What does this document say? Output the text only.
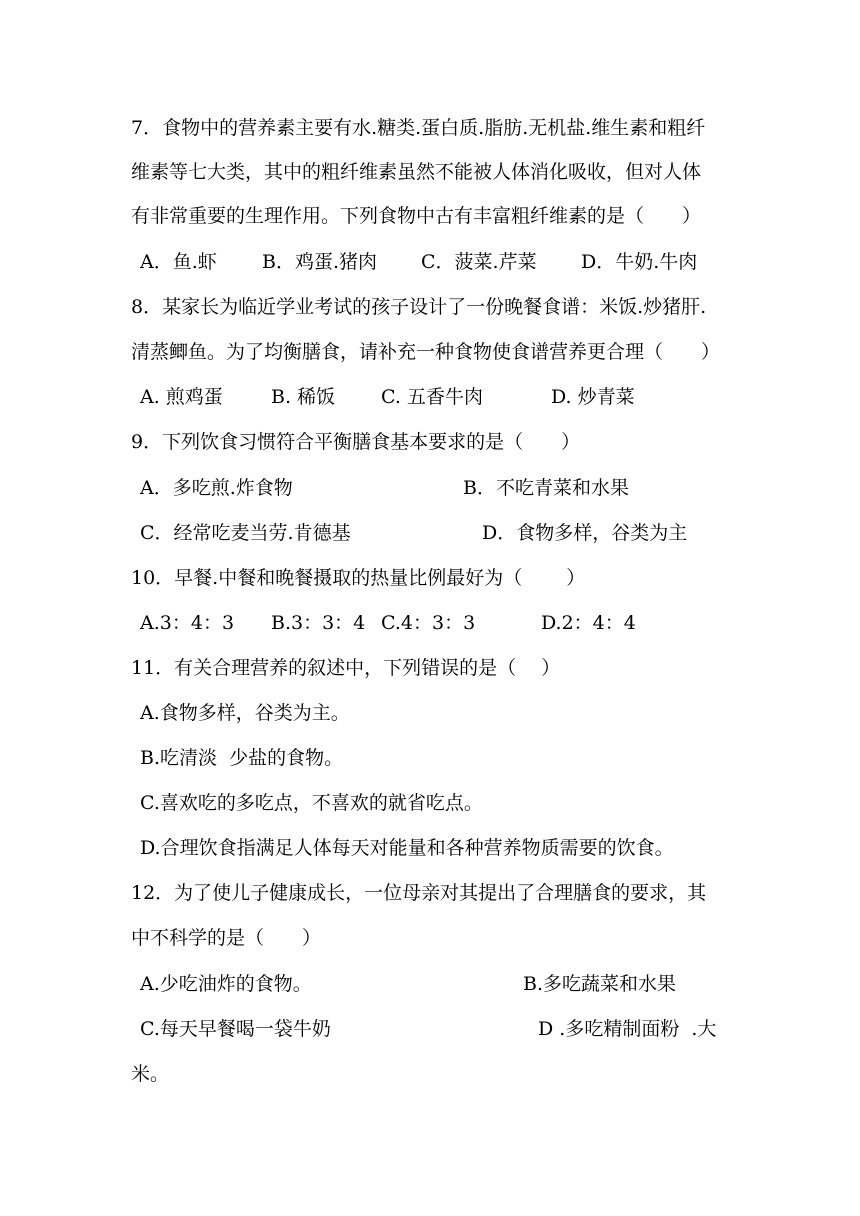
7．食物中的营养素主要有水.糖类.蛋白质.脂肪.无机盐.维生素和粗纤
维素等七大类，其中的粗纤维素虽然不能被人体消化吸收，但对人体
有非常重要的生理作用。下列食物中古有丰富粗纤维素的是（　　）
A．鱼.虾 B．鸡蛋.猪肉 C．菠菜.芹菜 D．牛奶.牛肉
8．某家长为临近学业考试的孩子设计了一份晚餐食谱：米饭.炒猪肝.
清蒸鲫鱼。为了均衡膳食，请补充一种食物使食谱营养更合理（　　）
A. 煎鸡蛋	B. 稀饭 C. 五香牛肉	D. 炒青菜
9．下列饮食习惯符合平衡膳食基本要求的是（　　）
A．多吃煎.炸食物	B．不吃青菜和水果
C．经常吃麦当劳.肯德基	D．食物多样，谷类为主
10．早餐.中餐和晚餐摄取的热量比例最好为（　　 ）
A.3：4：3 B.3：3：4 C.4：3：3	D.2：4：4
11．有关合理营养的叙述中，下列错误的是（　 ）
A.食物多样，谷类为主。
B.吃清淡  少盐的食物。
C.喜欢吃的多吃点，不喜欢的就省吃点。
D.合理饮食指满足人体每天对能量和各种营养物质需要的饮食。
12．为了使儿子健康成长，一位母亲对其提出了合理膳食的要求，其
中不科学的是（　　）
A.少吃油炸的食物。	B.多吃蔬菜和水果
C.每天早餐喝一袋牛奶	D .多吃精制面粉  .大
米。
